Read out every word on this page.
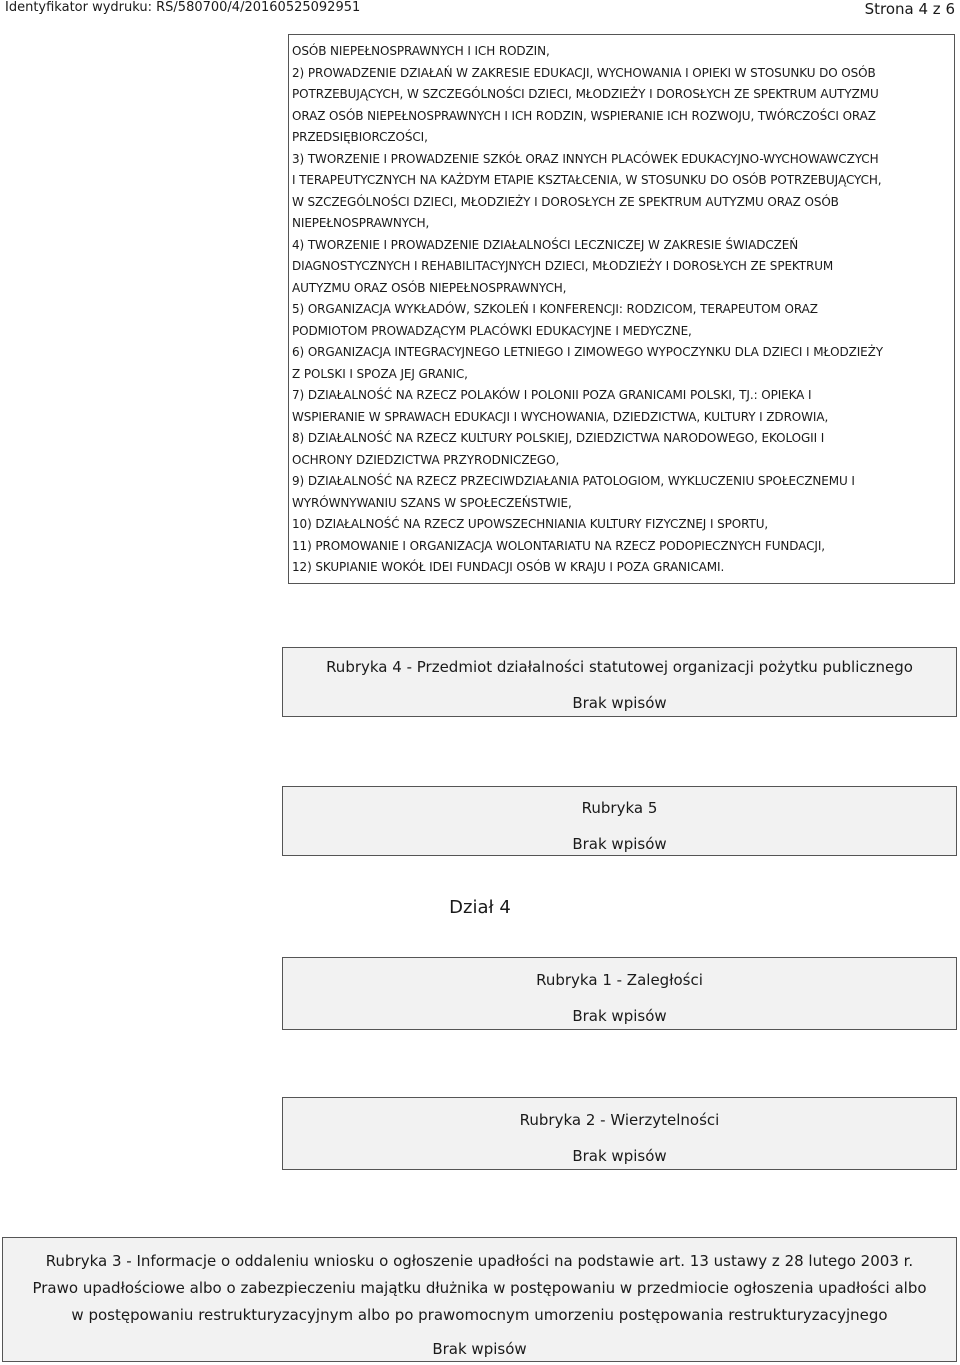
Identyfikator wydruku: RS/580700/4/20160525092951	Strona 4 z 6
OSÓB NIEPEŁNOSPRAWNYCH I ICH RODZIN,
2) PROWADZENIE DZIAŁAŃ W ZAKRESIE EDUKACJI, WYCHOWANIA I OPIEKI W STOSUNKU DO OSÓB
POTRZEBUJĄCYCH, W SZCZEGÓLNOŚCI DZIECI, MŁODZIEŻY I DOROSŁYCH ZE SPEKTRUM AUTYZMU
ORAZ OSÓB NIEPEŁNOSPRAWNYCH I ICH RODZIN, WSPIERANIE ICH ROZWOJU, TWÓRCZOŚCI ORAZ
PRZEDSIĘBIORCZOŚCI,
3) TWORZENIE I PROWADZENIE SZKÓŁ ORAZ INNYCH PLACÓWEK EDUKACYJNO-WYCHOWAWCZYCH
I TERAPEUTYCZNYCH NA KAŻDYM ETAPIE KSZTAŁCENIA, W STOSUNKU DO OSÓB POTRZEBUJĄCYCH,
W SZCZEGÓLNOŚCI DZIECI, MŁODZIEŻY I DOROSŁYCH ZE SPEKTRUM AUTYZMU ORAZ OSÓB
NIEPEŁNOSPRAWNYCH,
4) TWORZENIE I PROWADZENIE DZIAŁALNOŚCI LECZNICZEJ W ZAKRESIE ŚWIADCZEŃ
DIAGNOSTYCZNYCH I REHABILITACYJNYCH DZIECI, MŁODZIEŻY I DOROSŁYCH ZE SPEKTRUM
AUTYZMU ORAZ OSÓB NIEPEŁNOSPRAWNYCH,
5) ORGANIZACJA WYKŁADÓW, SZKOLEŃ I KONFERENCJI: RODZICOM, TERAPEUTOM ORAZ
PODMIOTOM PROWADZĄCYM PLACÓWKI EDUKACYJNE I MEDYCZNE,
6) ORGANIZACJA INTEGRACYJNEGO LETNIEGO I ZIMOWEGO WYPOCZYNKU DLA DZIECI I MŁODZIEŻY
Z POLSKI I SPOZA JEJ GRANIC,
7) DZIAŁALNOŚĆ NA RZECZ POLAKÓW I POLONII POZA GRANICAMI POLSKI, TJ.: OPIEKA I
WSPIERANIE W SPRAWACH EDUKACJI I WYCHOWANIA, DZIEDZICTWA, KULTURY I ZDROWIA,
8) DZIAŁALNOŚĆ NA RZECZ KULTURY POLSKIEJ, DZIEDZICTWA NARODOWEGO, EKOLOGII I
OCHRONY DZIEDZICTWA PRZYRODNICZEGO,
9) DZIAŁALNOŚĆ NA RZECZ PRZECIWDZIAŁANIA PATOLOGIOM, WYKLUCZENIU SPOŁECZNEMU I
WYRÓWNYWANIU SZANS W SPOŁECZEŃSTWIE,
10) DZIAŁALNOŚĆ NA RZECZ UPOWSZECHNIANIA KULTURY FIZYCZNEJ I SPORTU,
11) PROMOWANIE I ORGANIZACJA WOLONTARIATU NA RZECZ PODOPIECZNYCH FUNDACJI,
12) SKUPIANIE WOKÓŁ IDEI FUNDACJI OSÓB W KRAJU I POZA GRANICAMI.
Rubryka 4 - Przedmiot działalności statutowej organizacji pożytku publicznego
Brak wpisów
Rubryka 5
Brak wpisów
Dział 4
Rubryka 1 - Zaległości
Brak wpisów
Rubryka 2 - Wierzytelności
Brak wpisów
Rubryka 3 - Informacje o oddaleniu wniosku o ogłoszenie upadłości na podstawie art. 13 ustawy z 28 lutego 2003 r.
Prawo upadłościowe albo o zabezpieczeniu majątku dłużnika w postępowaniu w przedmiocie ogłoszenia upadłości albo
w postępowaniu restrukturyzacyjnym albo po prawomocnym umorzeniu postępowania restrukturyzacyjnego
Brak wpisów
